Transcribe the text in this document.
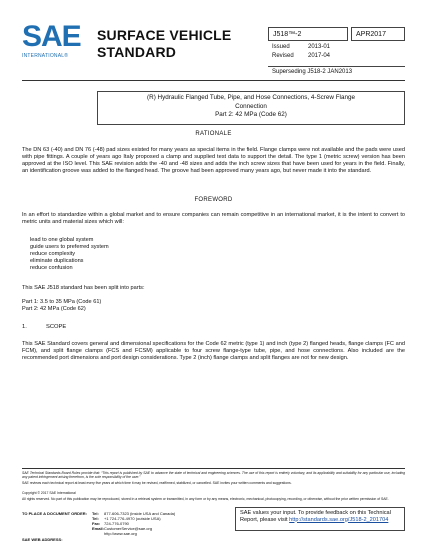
SAE
INTERNATIONAL®
SURFACE VEHICLE
STANDARD
J518™-2	APR2017
Issued	2013-01
Revised	2017-04
Superseding J518-2 JAN2013
(R) Hydraulic Flanged Tube, Pipe, and Hose Connections, 4-Screw Flange
Connection
Part 2: 42 MPa (Code 62)
RATIONALE
The DN 63 (-40) and DN 76 (-48) pad sizes existed for many years as special items in the field. Flange clamps were not available and the pads were used with pipe fittings. A couple of years ago Italy proposed a clamp and supplied test data to support the detail. The type 1 (metric screw) version has been approved at the ISO level. This SAE revision adds the -40 and -48 sizes and adds the inch screw sizes that have been used for years in the field. Finally, an identification groove was added to the flanged head. The groove had been approved many years ago, but never made it into the standard.
FOREWORD
In an effort to standardize within a global market and to ensure companies can remain competitive in an international market, it is the intent to convert to metric units and material sizes which will:
lead to one global system
guide users to preferred system
reduce complexity
eliminate duplications
reduce confusion
This SAE J518 standard has been split into parts:
Part 1: 3.5 to 35 MPa (Code 61)
Part 2: 42 MPa (Code 62)
1.	SCOPE
This SAE Standard covers general and dimensional specifications for the Code 62 metric (type 1) and inch (type 2) flanged heads, flange clamps (FC and FCM), and split flange clamps (FCS and FCSM) applicable to four screw flange-type tube, pipe, and hose connections. Also included are the recommended port dimensions and port design considerations. Type 2 (inch) flange clamps and split flanges are not for new design.
SAE Technical Standards Board Rules provide that: “This report is published by SAE to advance the state of technical and engineering sciences. The use of this report is entirely voluntary, and its applicability and suitability for any particular use, including any patent infringement arising therefrom, is the sole responsibility of the user.”
SAE reviews each technical report at least every five years at which time it may be revised, reaffirmed, stabilized, or cancelled. SAE invites your written comments and suggestions.
Copyright © 2017 SAE International
All rights reserved. No part of this publication may be reproduced, stored in a retrieval system or transmitted, in any form or by any means, electronic, mechanical, photocopying, recording, or otherwise, without the prior written permission of SAE.
TO PLACE A DOCUMENT ORDER: Tel: 877-606-7323 (inside USA and Canada)
Tel: +1 724-776-4970 (outside USA)
Fax: 724-776-0790
Email:CustomerService@sae.org
http://www.sae.org
SAE WEB ADDRESS:
SAE values your input. To provide feedback on this Technical Report, please visit http://standards.sae.org/J518-2_201704
